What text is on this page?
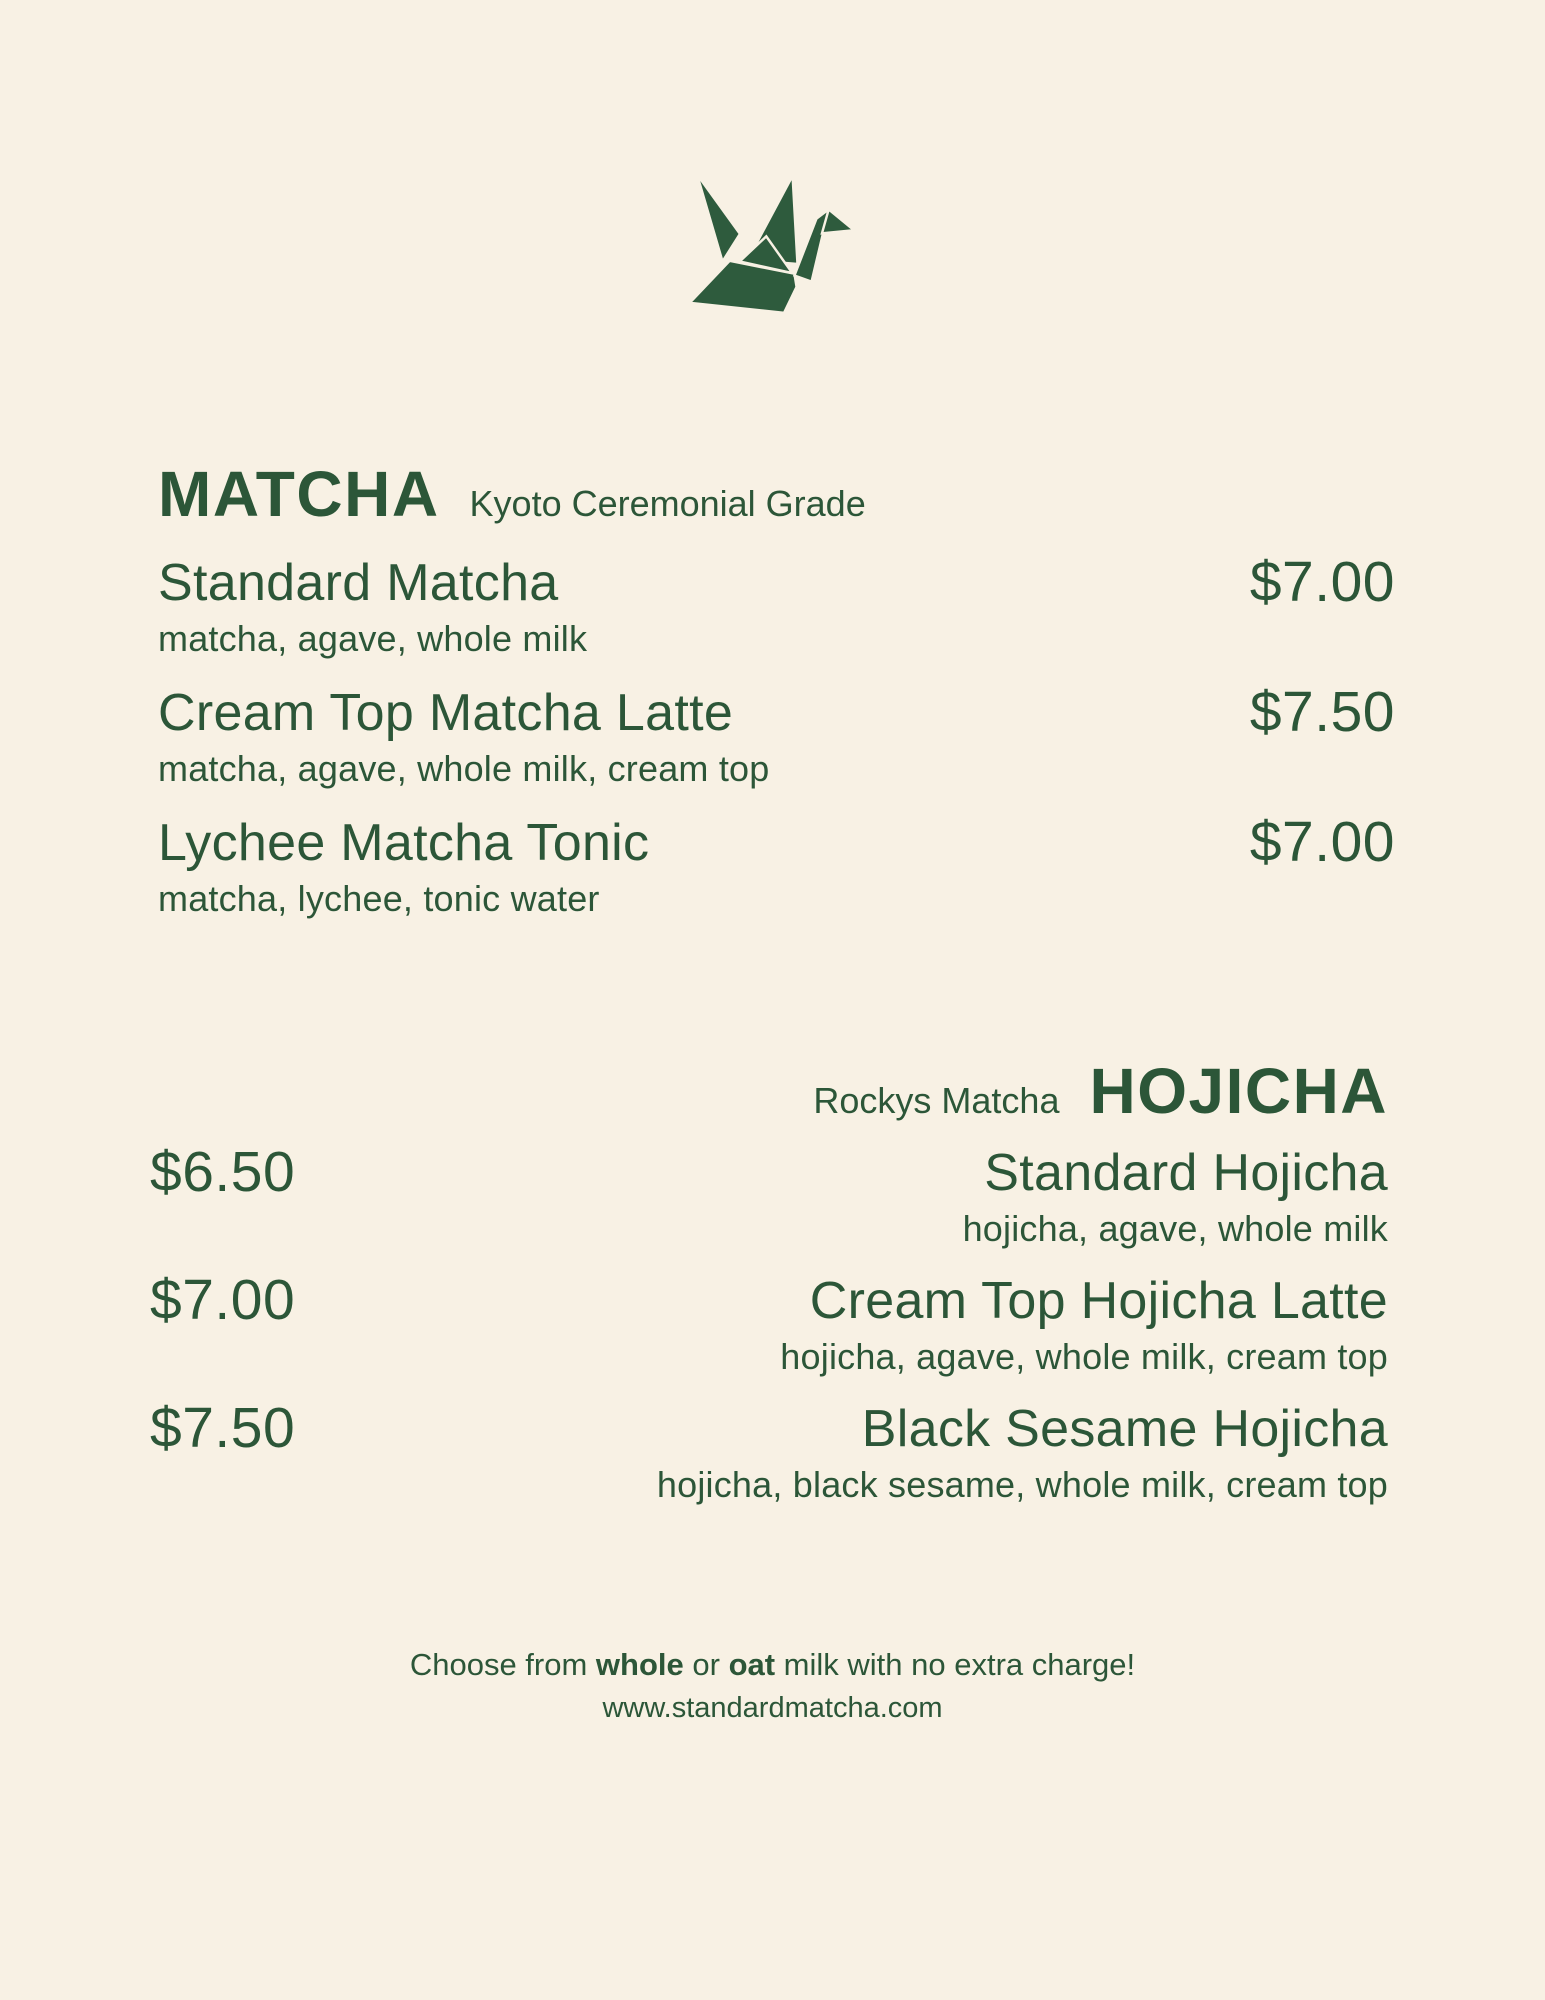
MATCHA Kyoto Ceremonial Grade
Standard Matcha
matcha, agave, whole milk
$7.00
Cream Top Matcha Latte
matcha, agave, whole milk, cream top
$7.50
Lychee Matcha Tonic
matcha, lychee, tonic water
$7.00
Rockys Matcha HOJICHA
$6.50	Standard Hojicha
hojicha, agave, whole milk
$7.00	Cream Top Hojicha Latte
hojicha, agave, whole milk, cream top
$7.50	Black Sesame Hojicha
hojicha, black sesame, whole milk, cream top
Choose from whole or oat milk with no extra charge!
www.standardmatcha.com
